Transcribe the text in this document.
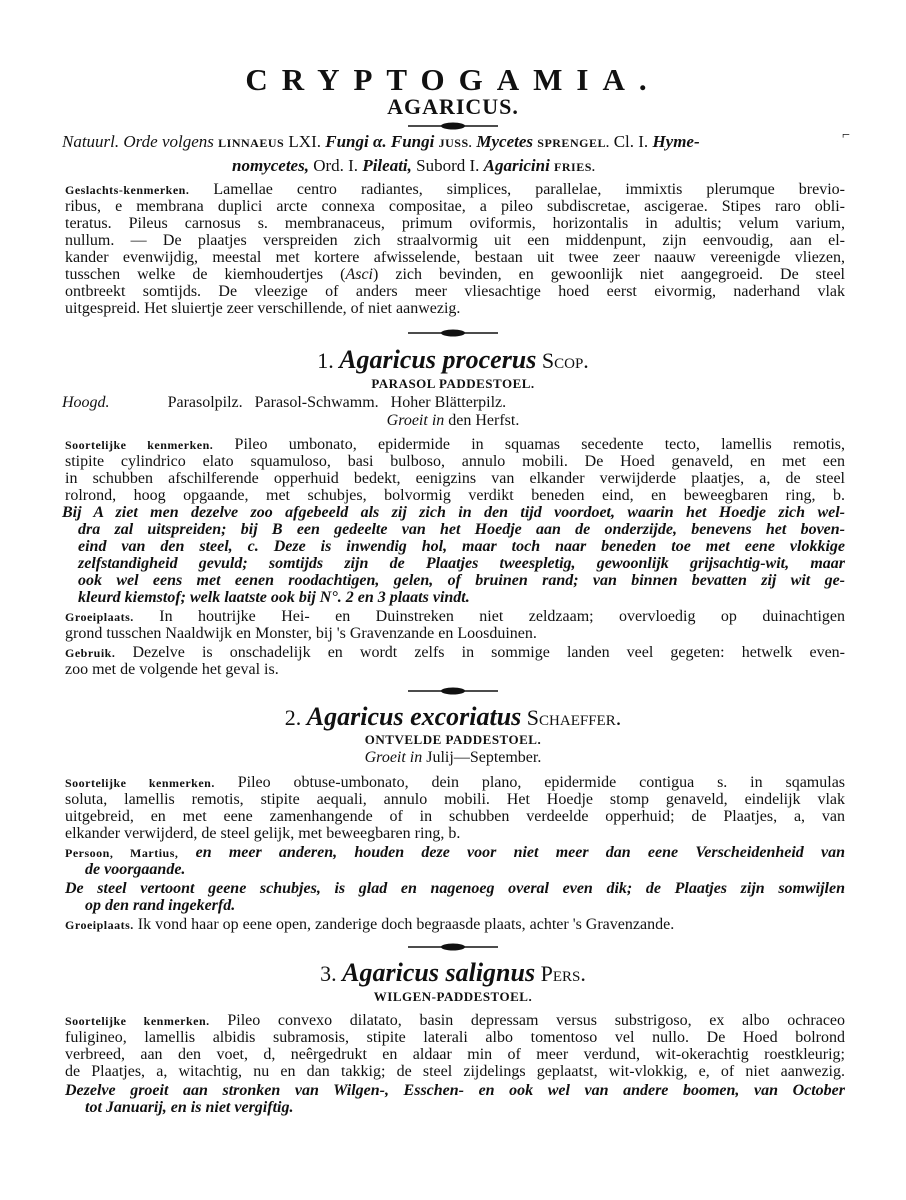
CRYPTOGAMIA.
AGARICUS.
⌐
Natuurl. Orde volgens LINNAEUS LXI. Fungi α. Fungi JUSS. Mycetes SPRENGEL. Cl. I. Hyme-
nomycetes, Ord. I. Pileati, Subord I. Agaricini FRIES.
Geslachts-kenmerken. Lamellae centro radiantes, simplices, parallelae, immixtis plerumque brevio-
ribus, e membrana duplici arcte connexa compositae, a pileo subdiscretae, ascigerae. Stipes raro obli-
teratus. Pileus carnosus s. membranaceus, primum oviformis, horizontalis in adultis; velum varium,
nullum. — De plaatjes verspreiden zich straalvormig uit een middenpunt, zijn eenvoudig, aan el-
kander evenwijdig, meestal met kortere afwisselende, bestaan uit twee zeer naauw vereenigde vliezen,
tusschen welke de kiemhoudertjes (Asci) zich bevinden, en gewoonlijk niet aangegroeid. De steel
ontbreekt somtijds. De vleezige of anders meer vliesachtige hoed eerst eivormig, naderhand vlak
uitgespreid. Het sluiertje zeer verschillende, of niet aanwezig.
1. Agaricus procerus Scop.
PARASOL PADDESTOEL.
Hoogd.	Parasolpilz.   Parasol-Schwamm.   Hoher Blätterpilz.
Groeit in den Herfst.
Soortelijke kenmerken. Pileo umbonato, epidermide in squamas secedente tecto, lamellis remotis,
stipite cylindrico elato squamuloso, basi bulboso, annulo mobili. De Hoed genaveld, en met een
in schubben afschilferende opperhuid bedekt, eenigzins van elkander verwijderde plaatjes, a, de steel
rolrond, hoog opgaande, met schubjes, bolvormig verdikt beneden eind, en beweegbaren ring, b.
Bij A ziet men dezelve zoo afgebeeld als zij zich in den tijd voordoet, waarin het Hoedje zich wel-
dra zal uitspreiden; bij B een gedeelte van het Hoedje aan de onderzijde, benevens het boven-
eind van den steel, c. Deze is inwendig hol, maar toch naar beneden toe met eene vlokkige
zelfstandigheid gevuld; somtijds zijn de Plaatjes tweespletig, gewoonlijk grijsachtig-wit, maar
ook wel eens met eenen roodachtigen, gelen, of bruinen rand; van binnen bevatten zij wit ge-
kleurd kiemstof; welk laatste ook bij N°. 2 en 3 plaats vindt.
Groeiplaats. In houtrijke Hei- en Duinstreken niet zeldzaam; overvloedig op duinachtigen
grond tusschen Naaldwijk en Monster, bij 's Gravenzande en Loosduinen.
Gebruik. Dezelve is onschadelijk en wordt zelfs in sommige landen veel gegeten: hetwelk even-
zoo met de volgende het geval is.
2. Agaricus excoriatus Schaeffer.
ONTVELDE PADDESTOEL.
Groeit in Julij—September.
Soortelijke kenmerken. Pileo obtuse-umbonato, dein plano, epidermide contigua s. in sqamulas
soluta, lamellis remotis, stipite aequali, annulo mobili. Het Hoedje stomp genaveld, eindelijk vlak
uitgebreid, en met eene zamenhangende of in schubben verdeelde opperhuid; de Plaatjes, a, van
elkander verwijderd, de steel gelijk, met beweegbaren ring, b.
Persoon, Martius, en meer anderen, houden deze voor niet meer dan eene Verscheidenheid van
de voorgaande.
De steel vertoont geene schubjes, is glad en nagenoeg overal even dik; de Plaatjes zijn somwijlen
op den rand ingekerfd.
Groeiplaats. Ik vond haar op eene open, zanderige doch begraasde plaats, achter 's Gravenzande.
3. Agaricus salignus Pers.
WILGEN-PADDESTOEL.
Soortelijke kenmerken. Pileo convexo dilatato, basin depressam versus substrigoso, ex albo ochraceo
fuligineo, lamellis albidis subramosis, stipite laterali albo tomentoso vel nullo. De Hoed bolrond
verbreed, aan den voet, d, neêrgedrukt en aldaar min of meer verdund, wit-okerachtig roestkleurig;
de Plaatjes, a, witachtig, nu en dan takkig; de steel zijdelings geplaatst, wit-vlokkig, e, of niet aanwezig.
Dezelve groeit aan stronken van Wilgen-, Esschen- en ook wel van andere boomen, van October
tot Januarij, en is niet vergiftig.
